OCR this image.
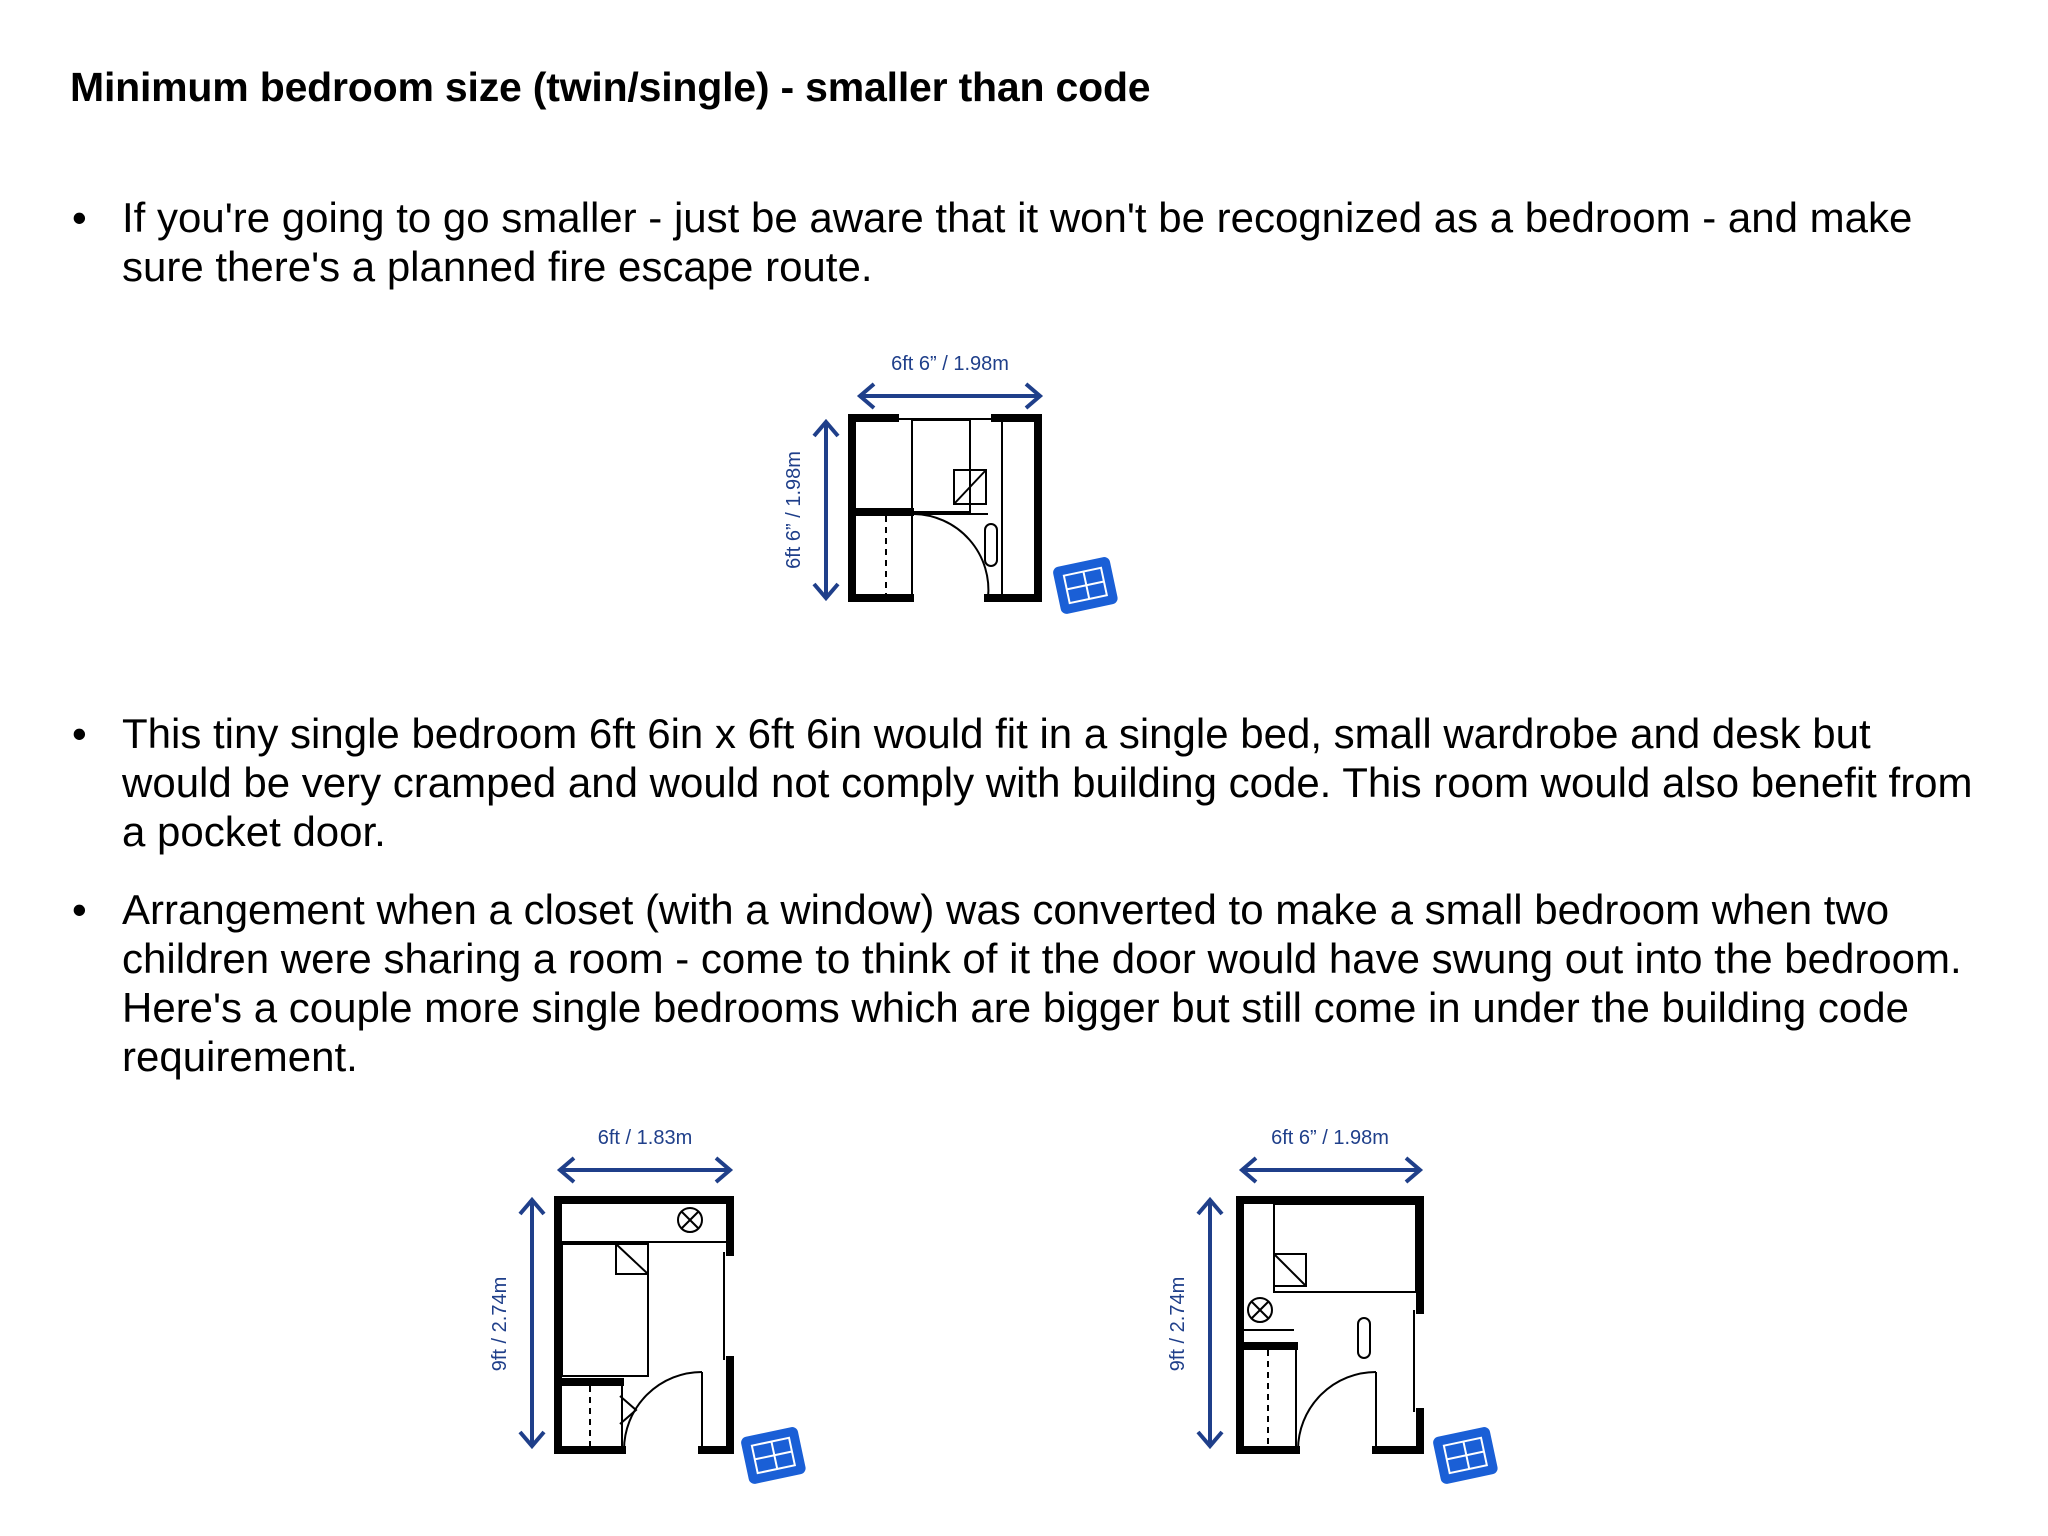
Minimum bedroom size (twin/single) - smaller than code
• If you're going to go smaller - just be aware that it won't be recognized as a bedroom - and make sure there's a planned fire escape route.
• This tiny single bedroom 6ft 6in x 6ft 6in would fit in a single bed, small wardrobe and desk but would be very cramped and would not comply with building code. This room would also benefit from a pocket door.
• Arrangement when a closet (with a window) was converted to make a small bedroom when two children were sharing a room - come to think of it the door would have swung out into the bedroom. Here's a couple more single bedrooms which are bigger but still come in under the building code requirement.
6ft 6” / 1.98m
6ft 6” / 1.98m
6ft / 1.83m
9ft / 2.74m
6ft 6” / 1.98m
9ft / 2.74m
